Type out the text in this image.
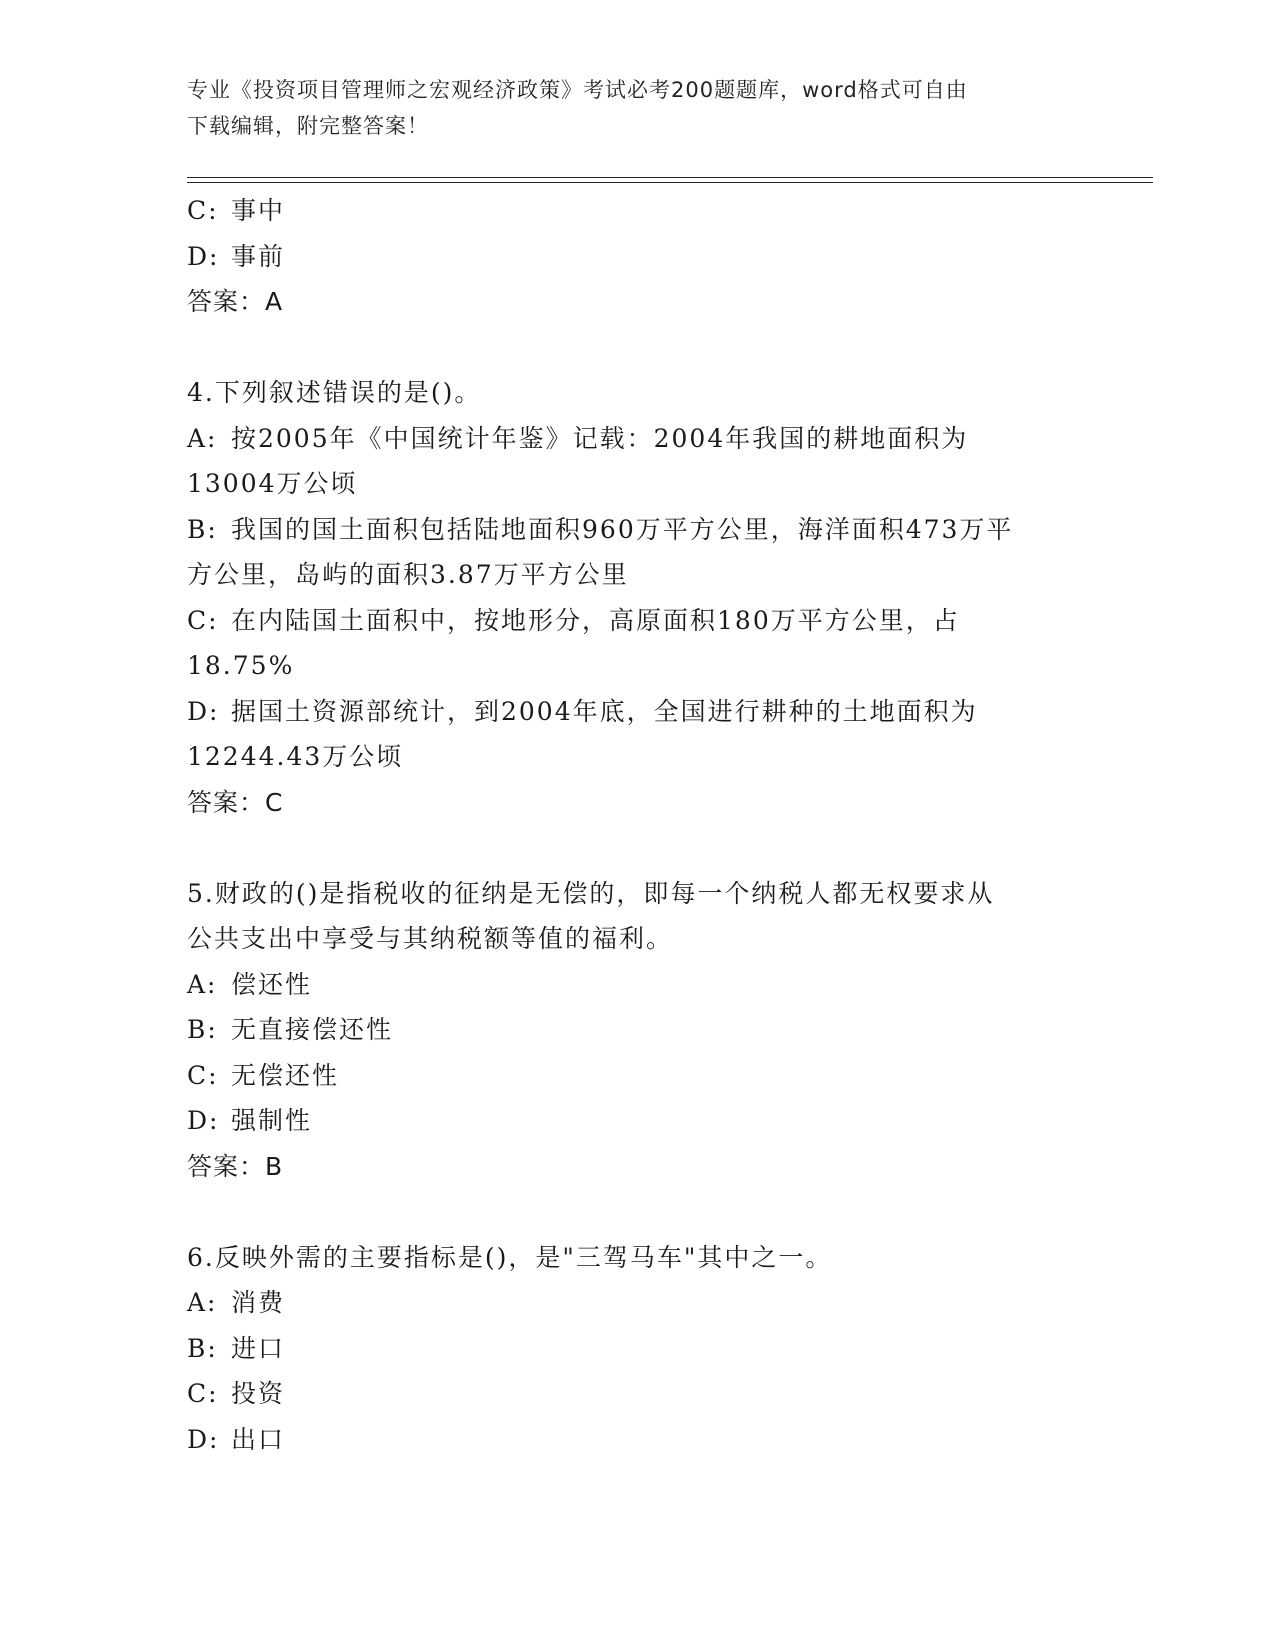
专业《投资项目管理师之宏观经济政策》考试必考200题题库，word格式可自由
下载编辑，附完整答案！
C: 事中
D: 事前
答案：A
4.下列叙述错误的是()。
A: 按2005年《中国统计年鉴》记载：2004年我国的耕地面积为
13004万公顷
B: 我国的国土面积包括陆地面积960万平方公里，海洋面积473万平
方公里，岛屿的面积3.87万平方公里
C: 在内陆国土面积中，按地形分，高原面积180万平方公里，占
18.75%
D: 据国土资源部统计，到2004年底，全国进行耕种的土地面积为
12244.43万公顷
答案：C
5.财政的()是指税收的征纳是无偿的，即每一个纳税人都无权要求从
公共支出中享受与其纳税额等值的福利。
A: 偿还性
B: 无直接偿还性
C: 无偿还性
D: 强制性
答案：B
6.反映外需的主要指标是()，是"三驾马车"其中之一。
A: 消费
B: 进口
C: 投资
D: 出口
